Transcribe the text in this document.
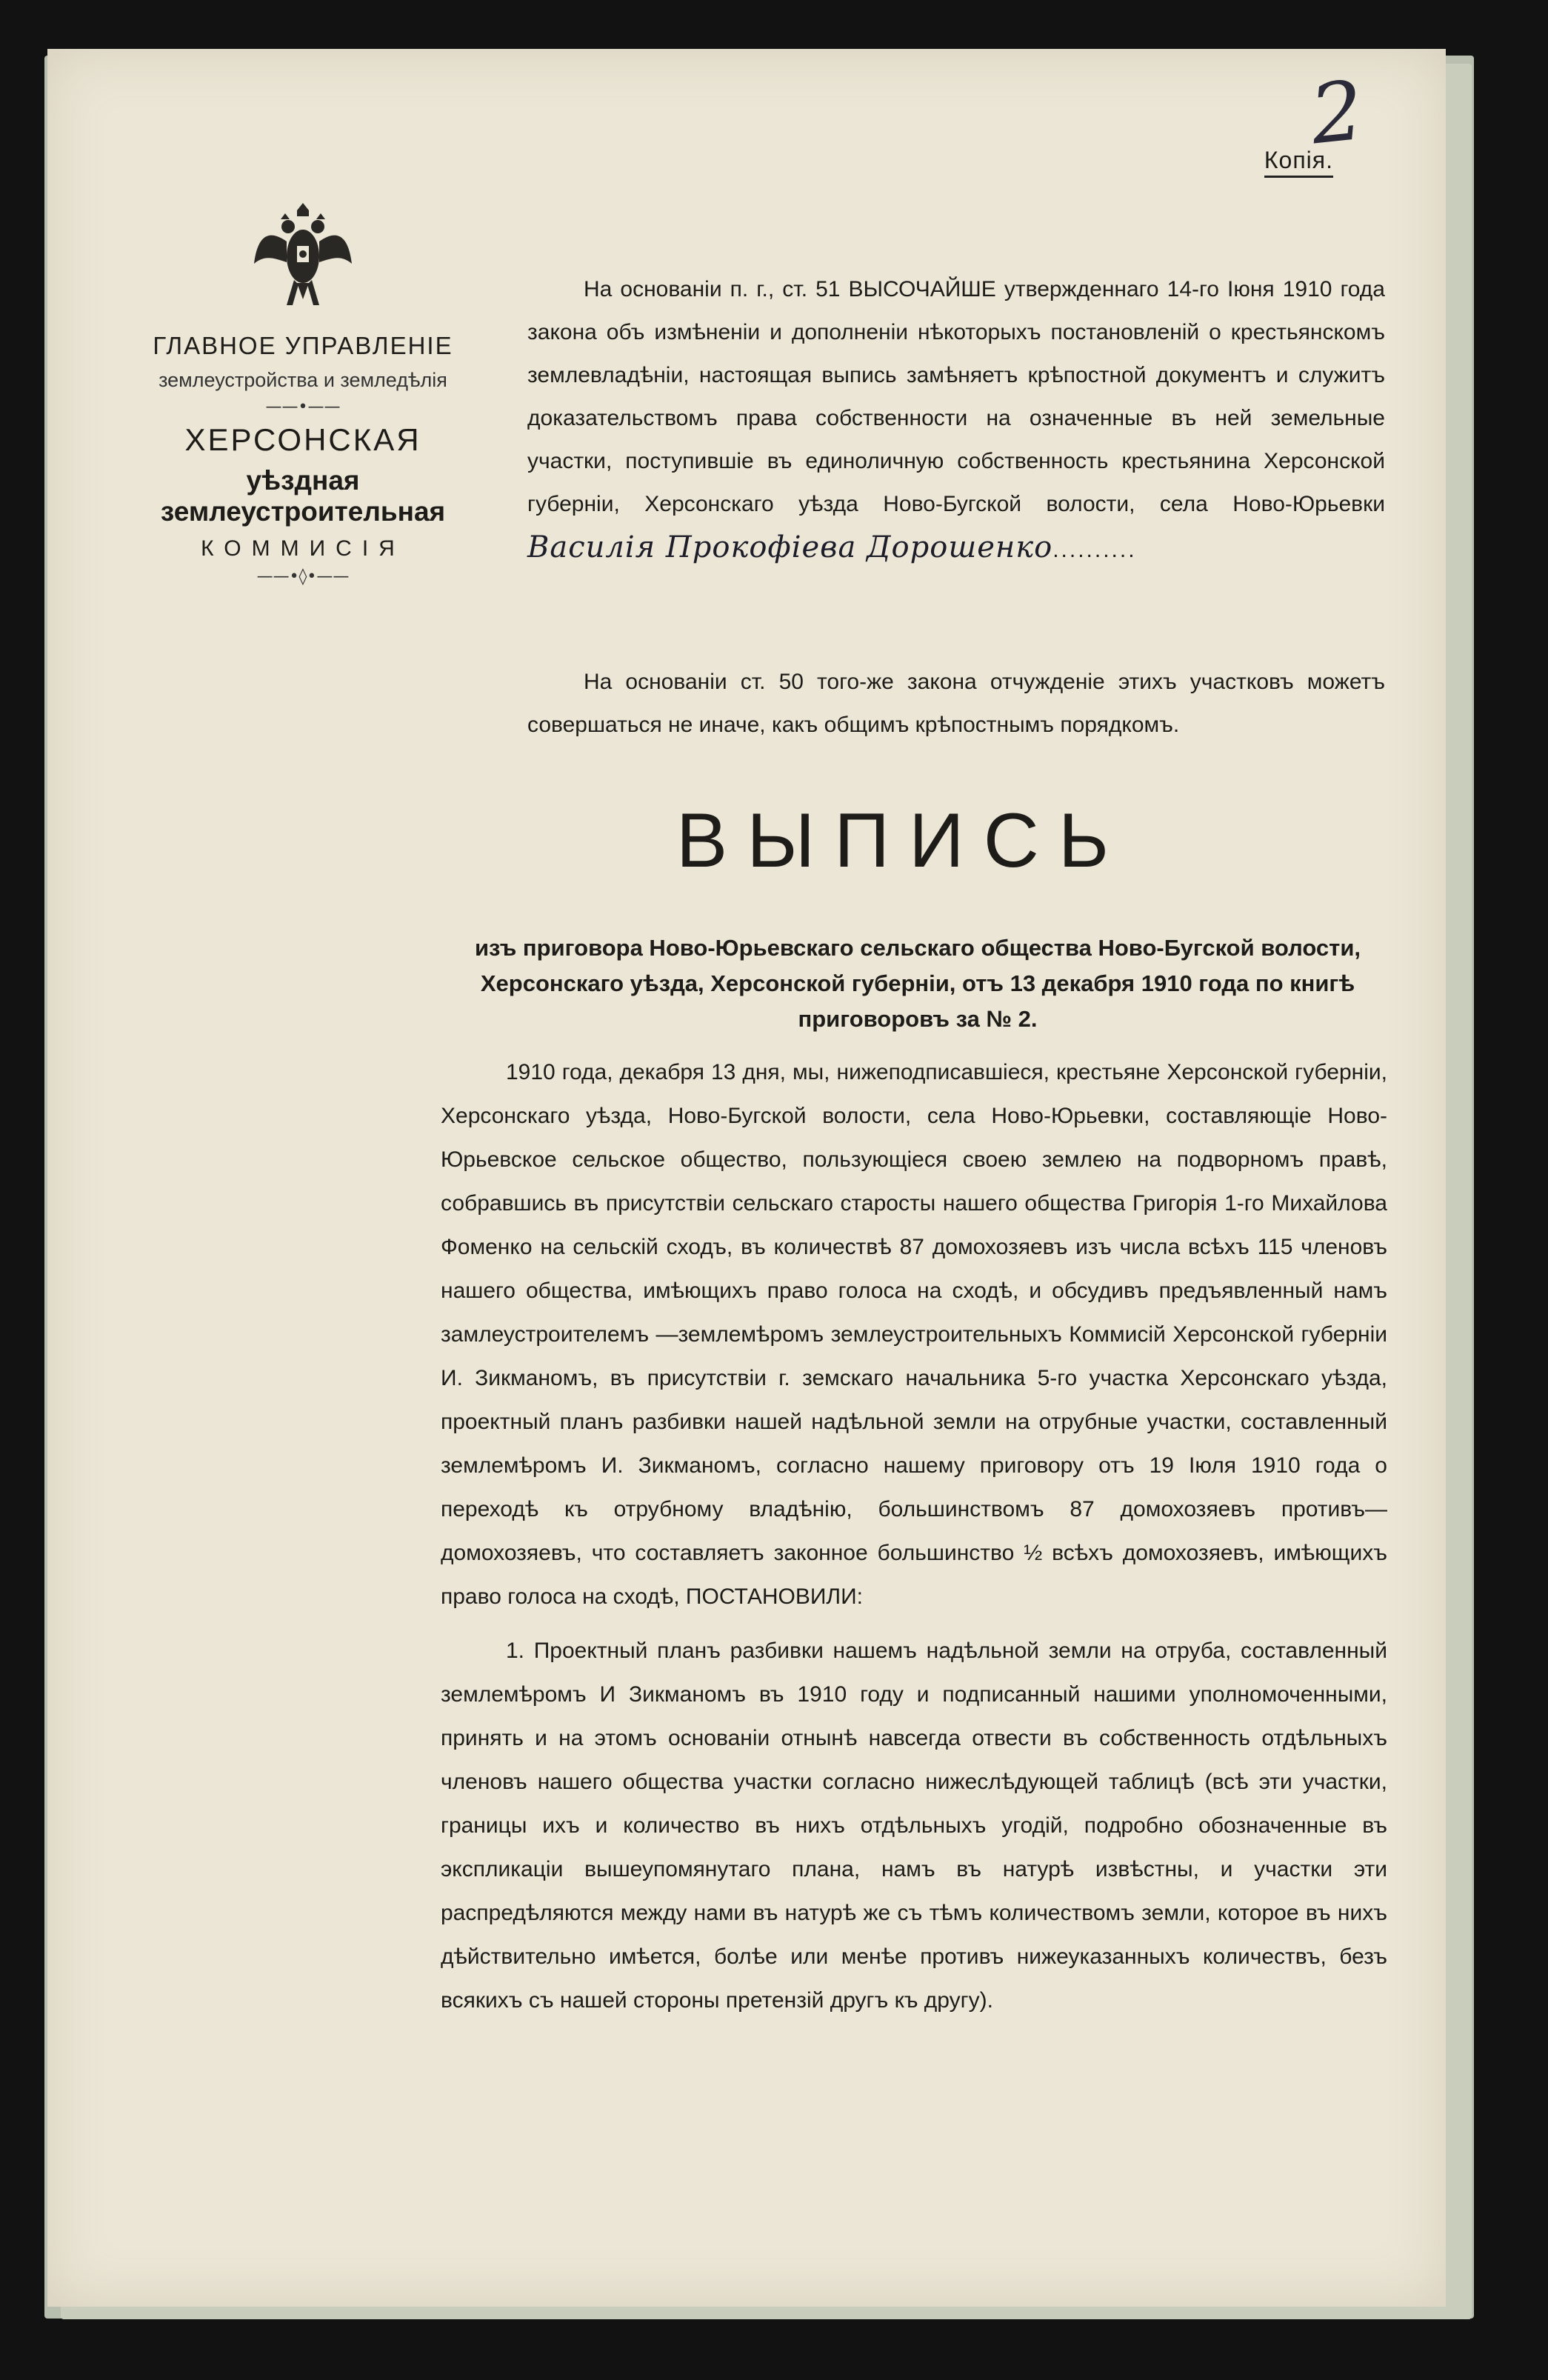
2
Копія.
ГЛАВНОЕ УПРАВЛЕНІЕ
землеустройства и земледѣлія
——•——
ХЕРСОНСКАЯ
уѣздная землеустроительная
КОММИСІЯ
——•◊•——
На основаніи п. г., ст. 51 ВЫСОЧАЙШЕ утвержденнаго 14-го Іюня 1910 года закона объ измѣненіи и дополненіи нѣкоторыхъ постановленій о крестьянскомъ землевладѣніи, настоящая выпись замѣняетъ крѣпостной документъ и служитъ доказательствомъ права собственности на означенные въ ней земельные участки, поступившіе въ единоличную собственность крестьянина Херсонской губерніи, Херсонскаго уѣзда Ново-Бугской волости, села Ново-Юрьевки Василія Прокофіева Дорошенко..........
На основаніи ст. 50 того-же закона отчужденіе этихъ участковъ можетъ совершаться не иначе, какъ общимъ крѣпостнымъ порядкомъ.
ВЫПИСЬ
изъ приговора Ново-Юрьевскаго сельскаго общества Ново-Бугской волости, Херсонскаго уѣзда, Херсонской губерніи, отъ 13 декабря 1910 года по книгѣ приговоровъ за № 2.

1910 года, декабря 13 дня, мы, нижеподписавшіеся, крестьяне Херсонской губерніи, Херсонскаго уѣзда, Ново-Бугской волости, села Ново-Юрьевки, составляющіе Ново-Юрьевское сельское общество, пользующіеся своею землею на подворномъ правѣ, собравшись въ присутствіи сельскаго старосты нашего общества Григорія 1-го Михайлова Фоменко на сельскій сходъ, въ количествѣ 87 домохозяевъ изъ числа всѣхъ 115 членовъ нашего общества, имѣющихъ право голоса на сходѣ, и обсудивъ предъявленный намъ замлеустроителемъ —землемѣромъ землеустроительныхъ Коммисій Херсонской губерніи И. Зикманомъ, въ присутствіи г. земскаго начальника 5-го участка Херсонскаго уѣзда, проектный планъ разбивки нашей надѣльной земли на отрубные участки, составленный землемѣромъ И. Зикманомъ, согласно нашему приговору отъ 19 Іюля 1910 года о переходѣ къ отрубному владѣнію, большинствомъ 87 домохозяевъ противъ—домохозяевъ, что составляетъ законное большинство ½ всѣхъ домохозяевъ, имѣющихъ право голоса на сходѣ, ПОСТАНОВИЛИ:

1. Проектный планъ разбивки нашемъ надѣльной земли на отруба, составленный землемѣромъ И Зикманомъ въ 1910 году и подписанный нашими уполномоченными, принять и на этомъ основаніи отнынѣ навсегда отвести въ собственность отдѣльныхъ членовъ нашего общества участки согласно нижеслѣдующей таблицѣ (всѣ эти участки, границы ихъ и количество въ нихъ отдѣльныхъ угодій, подробно обозначенные въ экспликаціи вышеупомянутаго плана, намъ въ натурѣ извѣстны, и участки эти распредѣляются между нами въ натурѣ же съ тѣмъ количествомъ земли, которое въ нихъ дѣйствительно имѣется, болѣе или менѣе противъ нижеуказанныхъ количествъ, безъ всякихъ съ нашей стороны претензій другъ къ другу).
